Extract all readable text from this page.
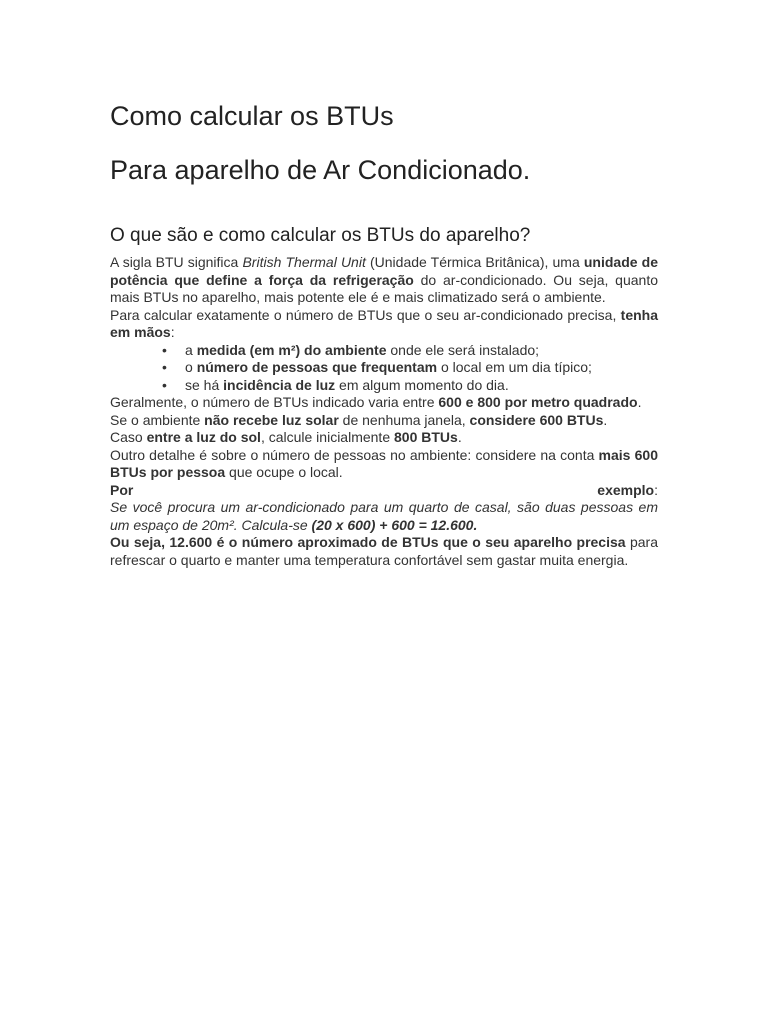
Como calcular os BTUs
Para aparelho de Ar Condicionado.
O que são e como calcular os BTUs do aparelho?

A sigla BTU significa British Thermal Unit (Unidade Térmica Britânica), uma unidade de potência que define a força da refrigeração do ar-condicionado. Ou seja, quanto mais BTUs no aparelho, mais potente ele é e mais climatizado será o ambiente.

Para calcular exatamente o número de BTUs que o seu ar-condicionado precisa, tenha em mãos:

• a medida (em m²) do ambiente onde ele será instalado;
• o número de pessoas que frequentam o local em um dia típico;
• se há incidência de luz em algum momento do dia.

Geralmente, o número de BTUs indicado varia entre 600 e 800 por metro quadrado.

Se o ambiente não recebe luz solar de nenhuma janela, considere 600 BTUs.

Caso entre a luz do sol, calcule inicialmente 800 BTUs.

Outro detalhe é sobre o número de pessoas no ambiente: considere na conta mais 600 BTUs por pessoa que ocupe o local.

Por	exemplo:

Se você procura um ar-condicionado para um quarto de casal, são duas pessoas em um espaço de 20m². Calcula-se (20 x 600) + 600 = 12.600.

Ou seja, 12.600 é o número aproximado de BTUs que o seu aparelho precisa para refrescar o quarto e manter uma temperatura confortável sem gastar muita energia.
